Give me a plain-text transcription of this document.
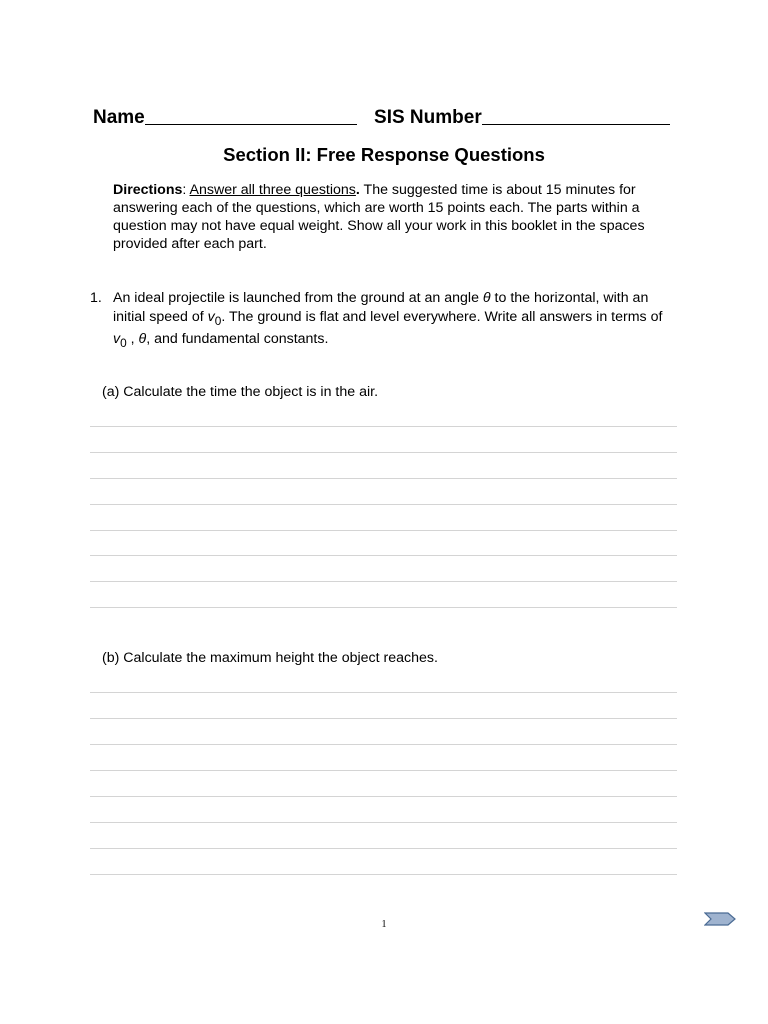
Name	SIS Number
Section II: Free Response Questions
Directions: Answer all three questions. The suggested time is about 15 minutes for answering each of the questions, which are worth 15 points each. The parts within a question may not have equal weight. Show all your work in this booklet in the spaces provided after each part.
1. An ideal projectile is launched from the ground at an angle θ to the horizontal, with an initial speed of $v_0$. The ground is flat and level everywhere. Write all answers in terms of $v_0$ , θ, and fundamental constants.
(a) Calculate the time the object is in the air.
(b) Calculate the maximum height the object reaches.
1
